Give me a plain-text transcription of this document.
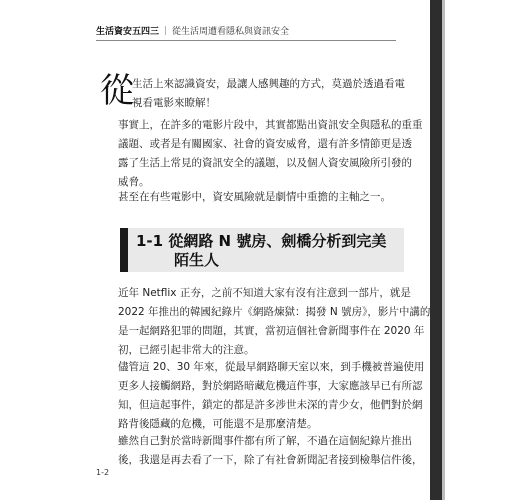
生活資安五四三 ｜ 從生活周遭看隱私與資訊安全
從
生活上來認識資安，最讓人感興趣的方式，莫過於透過看電
視看電影來瞭解！
事實上，在許多的電影片段中，其實都點出資訊安全與隱私的重重
議題、或者是有關國家、社會的資安威脅，還有許多情節更是透
露了生活上常見的資訊安全的議題，以及個人資安風險所引發的
威脅。
甚至在有些電影中，資安風險就是劇情中重擔的主軸之一。
1-1 從網路 N 號房、劍橋分析到完美
陌生人
近年 Netflix 正夯，之前不知道大家有沒有注意到一部片，就是
2022 年推出的韓國紀錄片《網路煉獄：揭發 N 號房》，影片中講的
是一起網路犯罪的問題，其實，當初這個社會新聞事件在 2020 年
初，已經引起非常大的注意。
儘管這 20、30 年來，從最早網路聊天室以來，到手機被普遍使用
更多人接觸網路，對於網路暗藏危機這件事，大家應該早已有所認
知，但這起事件，鎖定的都是許多涉世未深的青少女，他們對於網
路背後隱藏的危機，可能還不是那麼清楚。
雖然自己對於當時新聞事件都有所了解，不過在這個紀錄片推出
後，我還是再去看了一下，除了有社會新聞記者接到檢舉信件後，
1-2
